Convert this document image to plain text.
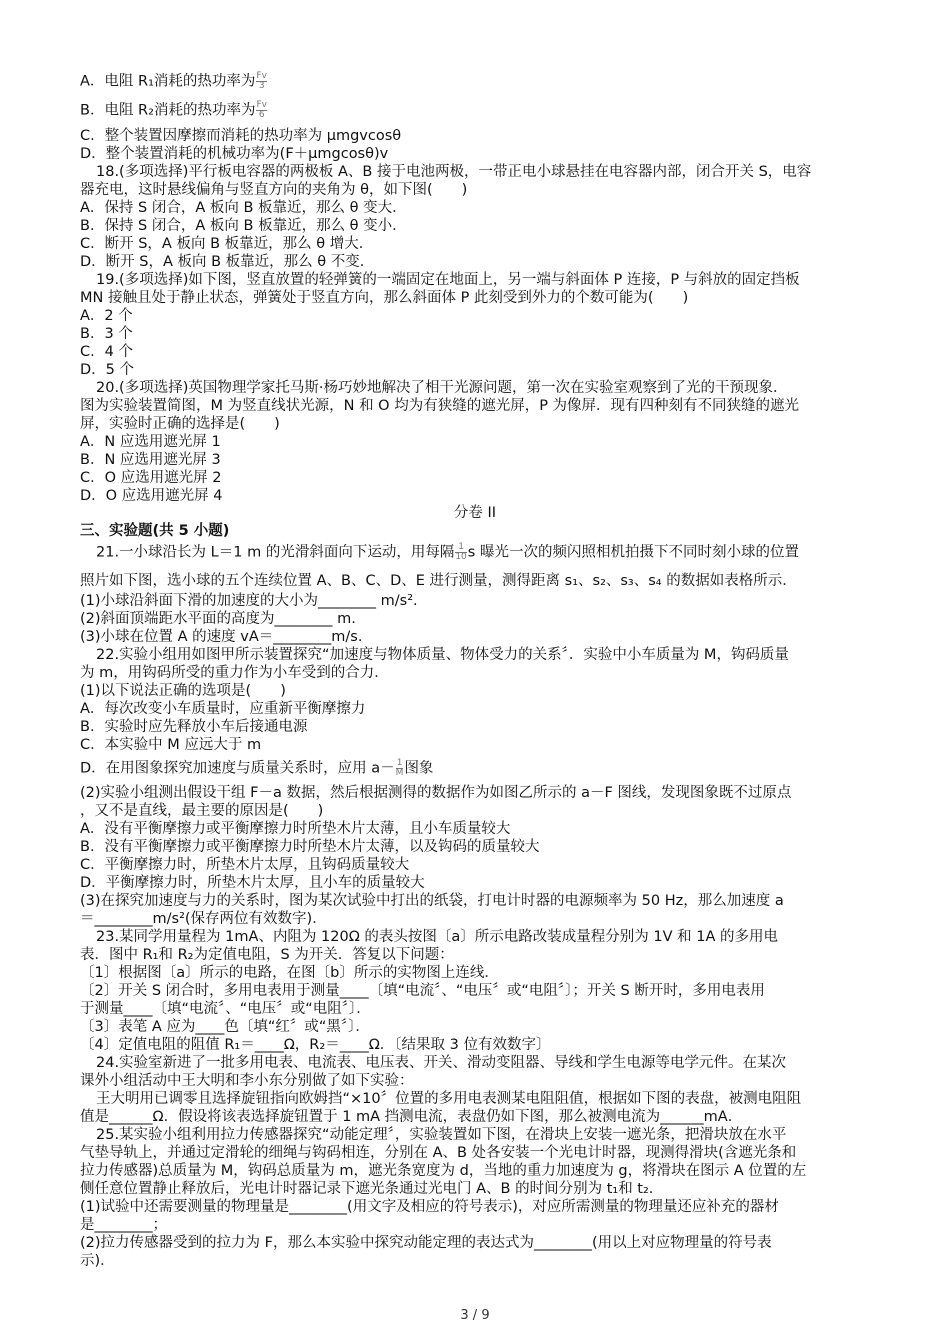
A．电阻 R₁消耗的热功率为 $\frac{Fv}{3}$
B．电阻 R₂消耗的热功率为 $\frac{Fv}{6}$
C．整个装置因摩擦而消耗的热功率为 μmgvcosθ
D．整个装置消耗的机械功率为(F＋μmgcosθ)v
18.(多项选择)平行板电容器的两极板 A、B 接于电池两极，一带正电小球悬挂在电容器内部，闭合开关 S，电容
器充电，这时悬线偏角与竖直方向的夹角为 θ，如下图(　　)
A．保持 S 闭合，A 板向 B 板靠近，那么 θ 变大．
B．保持 S 闭合，A 板向 B 板靠近，那么 θ 变小．
C．断开 S，A 板向 B 板靠近，那么 θ 增大．
D．断开 S，A 板向 B 板靠近，那么 θ 不变．
19.(多项选择)如下图，竖直放置的轻弹簧的一端固定在地面上，另一端与斜面体 P 连接，P 与斜放的固定挡板
MN 接触且处于静止状态，弹簧处于竖直方向，那么斜面体 P 此刻受到外力的个数可能为(　　)
A．2 个
B．3 个
C．4 个
D．5 个
20.(多项选择)英国物理学家托马斯·杨巧妙地解决了相干光源问题，第一次在实验室观察到了光的干预现象．
图为实验装置简图，M 为竖直线状光源，N 和 O 均为有狭缝的遮光屏，P 为像屏．现有四种刻有不同狭缝的遮光
屏，实验时正确的选择是(　　)
A．N 应选用遮光屏 1
B．N 应选用遮光屏 3
C．O 应选用遮光屏 2
D．O 应选用遮光屏 4
分卷 II
三、实验题(共 5 小题)
21.一小球沿长为 L＝1 m 的光滑斜面向下运动，用每隔 $\frac{1}{10}$ s 曝光一次的频闪照相机拍摄下不同时刻小球的位置
照片如下图，选小球的五个连续位置 A、B、C、D、E 进行测量，测得距离 s₁、s₂、s₃、s₄ 的数据如表格所示．
(1)小球沿斜面下滑的加速度的大小为________ m/s².
(2)斜面顶端距水平面的高度为________ m.
(3)小球在位置 A 的速度 vA＝________m/s.
22.实验小组用如图甲所示装置探究“加速度与物体质量、物体受力的关系〞．实验中小车质量为 M，钩码质量
为 m，用钩码所受的重力作为小车受到的合力．
(1)以下说法正确的选项是(　　)
A．每次改变小车质量时，应重新平衡摩擦力
B．实验时应先释放小车后接通电源
C．本实验中 M 应远大于 m
D．在用图象探究加速度与质量关系时，应用 $a- \frac{1}{M}$ 图象
(2)实验小组测出假设干组 F－a 数据，然后根据测得的数据作为如图乙所示的 a－F 图线，发现图象既不过原点
，又不是直线，最主要的原因是(　　)
A．没有平衡摩擦力或平衡摩擦力时所垫木片太薄，且小车质量较大
B．没有平衡摩擦力或平衡摩擦力时所垫木片太薄，以及钩码的质量较大
C．平衡摩擦力时，所垫木片太厚，且钩码质量较大
D．平衡摩擦力时，所垫木片太厚，且小车的质量较大
(3)在探究加速度与力的关系时，图为某次试验中打出的纸袋，打电计时器的电源频率为 50 Hz，那么加速度 a
＝________m/s²(保存两位有效数字)．
23.某同学用量程为 1mA、内阻为 120Ω 的表头按图〔a〕所示电路改装成量程分别为 1V 和 1A 的多用电
表．图中 R₁和 R₂为定值电阻，S 为开关．答复以下问题：
〔1〕根据图〔a〕所示的电路，在图〔b〕所示的实物图上连线．
〔2〕开关 S 闭合时，多用电表用于测量____〔填“电流〞、“电压〞或“电阻〞〕；开关 S 断开时，多用电表用
于测量____〔填“电流〞、“电压〞或“电阻〞〕．
〔3〕表笔 A 应为____色〔填“红〞或“黑〞〕．
〔4〕定值电阻的阻值 R₁＝____Ω，R₂＝____Ω．〔结果取 3 位有效数字〕
24.实验室新进了一批多用电表、电流表、电压表、开关、滑动变阻器、导线和学生电源等电学元件。在某次
课外小组活动中王大明和李小东分别做了如下实验：
王大明用已调零且选择旋钮指向欧姆挡“×10〞位置的多用电表测某电阻阻值，根据如下图的表盘，被测电阻阻
值是______Ω．假设将该表选择旋钮置于 1 mA 挡测电流，表盘仍如下图，那么被测电流为______mA．
25.某实验小组利用拉力传感器探究“动能定理〞，实验装置如下图，在滑块上安装一遮光条，把滑块放在水平
气垫导轨上，并通过定滑轮的细绳与钩码相连，分别在 A、B 处各安装一个光电计时器，现测得滑块(含遮光条和
拉力传感器)总质量为 M，钩码总质量为 m，遮光条宽度为 d，当地的重力加速度为 g，将滑块在图示 A 位置的左
侧任意位置静止释放后，光电计时器记录下遮光条通过光电门 A、B 的时间分别为 t₁和 t₂.
(1)试验中还需要测量的物理量是________(用文字及相应的符号表示)，对应所需测量的物理量还应补充的器材
是________；
(2)拉力传感器受到的拉力为 F，那么本实验中探究动能定理的表达式为________(用以上对应物理量的符号表
示)．
3 / 9
